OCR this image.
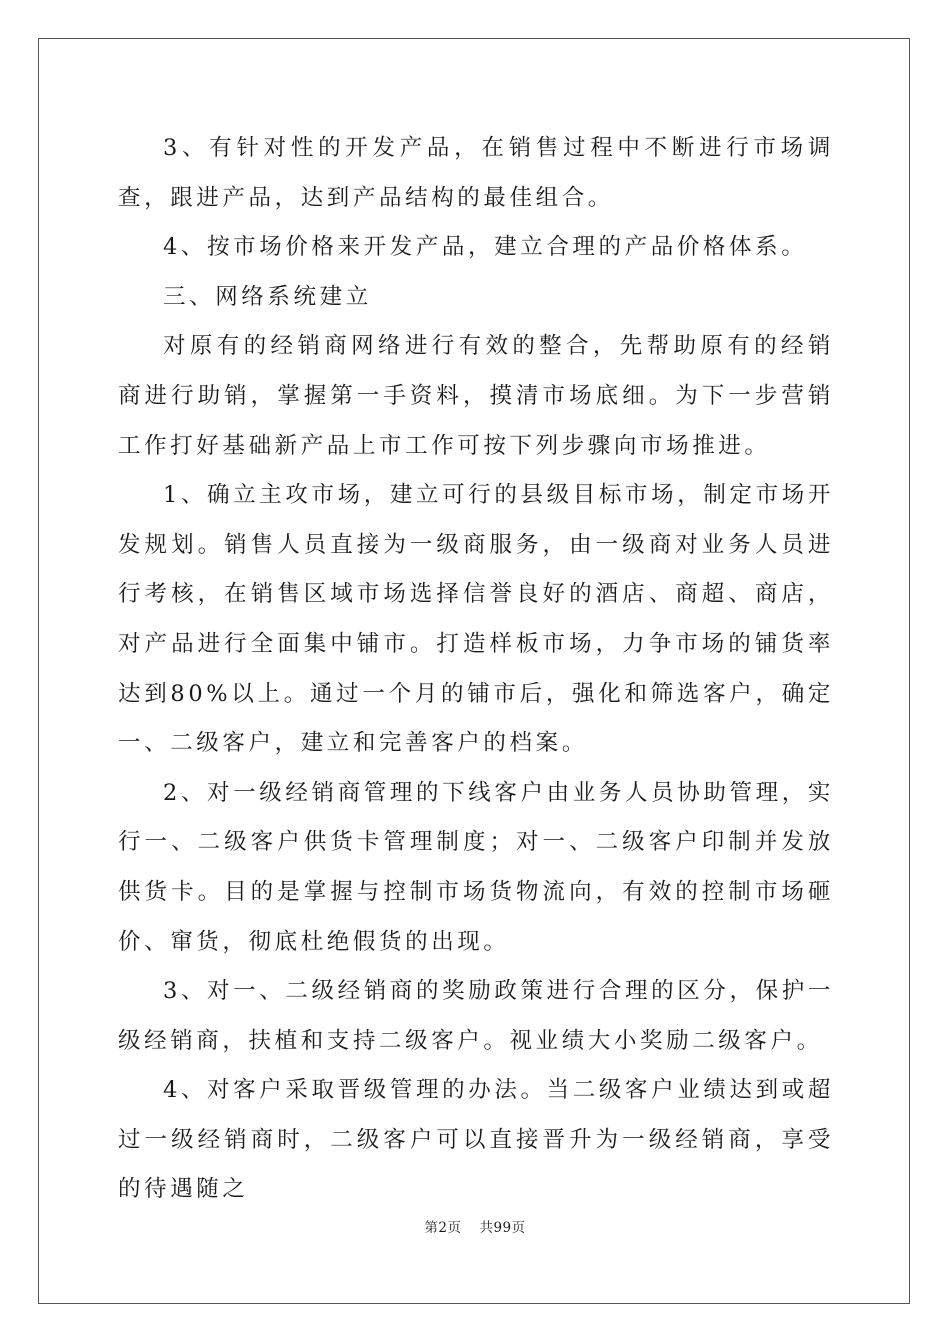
3、有针对性的开发产品，在销售过程中不断进行市场调查，跟进产品，达到产品结构的最佳组合。

4、按市场价格来开发产品，建立合理的产品价格体系。

三、网络系统建立

对原有的经销商网络进行有效的整合，先帮助原有的经销商进行助销，掌握第一手资料，摸清市场底细。为下一步营销工作打好基础新产品上市工作可按下列步骤向市场推进。

1、确立主攻市场，建立可行的县级目标市场，制定市场开发规划。销售人员直接为一级商服务，由一级商对业务人员进行考核，在销售区域市场选择信誉良好的酒店、商超、商店，对产品进行全面集中铺市。打造样板市场，力争市场的铺货率达到80%以上。通过一个月的铺市后，强化和筛选客户，确定一、二级客户，建立和完善客户的档案。

2、对一级经销商管理的下线客户由业务人员协助管理，实行一、二级客户供货卡管理制度；对一、二级客户印制并发放供货卡。目的是掌握与控制市场货物流向，有效的控制市场砸价、窜货，彻底杜绝假货的出现。

3、对一、二级经销商的奖励政策进行合理的区分，保护一级经销商，扶植和支持二级客户。视业绩大小奖励二级客户。

4、对客户采取晋级管理的办法。当二级客户业绩达到或超过一级经销商时，二级客户可以直接晋升为一级经销商，享受的待遇随之

第2页 共99页
